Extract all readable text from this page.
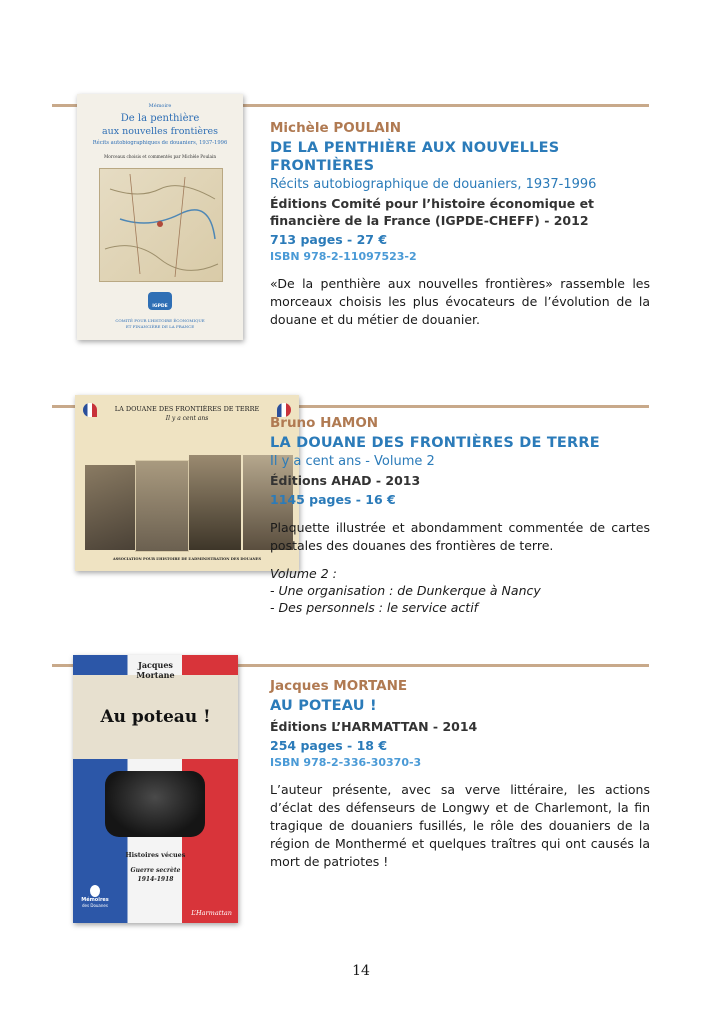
Mémoire
De la penthière
aux nouvelles frontières
Récits autobiographiques de douaniers, 1937-1996
Morceaux choisis et commentés par Michèle Poulain
IGPDE
COMITÉ POUR L’HISTOIRE ÉCONOMIQUE
ET FINANCIÈRE DE LA FRANCE

Michèle POULAIN

DE LA PENTHIÈRE AUX NOUVELLES FRONTIÈRES

Récits autobiographique de douaniers, 1937-1996

Éditions Comité pour l’histoire économique et financière de la France (IGPDE-CHEFF) - 2012

713 pages - 27 €

ISBN 978-2-11097523-2

«De la penthière aux nouvelles frontières» rassemble les morceaux choisis les plus évocateurs de l’évolution de la douane et du métier de douanier.

LA DOUANE DES FRONTIÈRES DE TERRE
Il y a cent ans
ASSOCIATION POUR L’HISTOIRE DE L’ADMINISTRATION DES DOUANES

Bruno HAMON

LA DOUANE DES FRONTIÈRES DE TERRE

Il y a cent ans - Volume 2

Éditions AHAD - 2013

1145 pages - 16 €

Plaquette illustrée et abondamment commentée de cartes postales des douanes des frontières de terre.

Volume 2 :
- Une organisation : de Dunkerque à Nancy
- Des personnels : le service actif
Jacques
Mortane
Au poteau !
Histoires vécues
Guerre secrète
1914-1918
Mémoires
des Douanes
L’Harmattan

Jacques MORTANE

AU POTEAU !

Éditions L’HARMATTAN - 2014

254 pages - 18 €

ISBN 978-2-336-30370-3

L’auteur présente, avec sa verve littéraire, les actions d’éclat des défenseurs de Longwy et de Charlemont, la fin tragique de douaniers fusillés, le rôle des douaniers de la région de Monthermé et quelques traîtres qui ont causés la mort de patriotes !

14
